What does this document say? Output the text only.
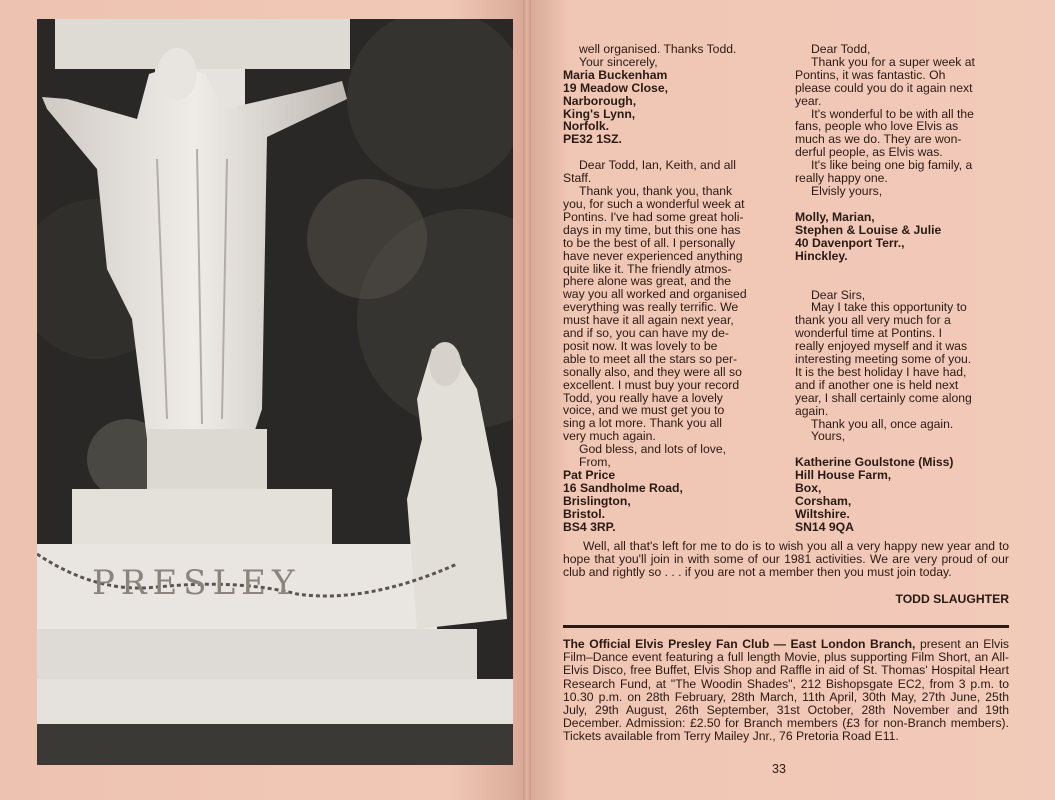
PRESLEY

well organised. Thanks Todd.

Your sincerely,

Maria Buckenham

19 Meadow Close,

Narborough,

King's Lynn,

Norfolk.

PE32 1SZ.

Dear Todd, Ian, Keith, and all

Staff.

Thank you, thank you, thank

you, for such a wonderful week at

Pontins. I've had some great holi-

days in my time, but this one has

to be the best of all. I personally

have never experienced anything

quite like it. The friendly atmos-

phere alone was great, and the

way you all worked and organised

everything was really terrific. We

must have it all again next year,

and if so, you can have my de-

posit now. It was lovely to be

able to meet all the stars so per-

sonally also, and they were all so

excellent. I must buy your record

Todd, you really have a lovely

voice, and we must get you to

sing a lot more. Thank you all

very much again.

God bless, and lots of love,

From,

Pat Price

16 Sandholme Road,

Brislington,

Bristol.

BS4 3RP.

Dear Todd,

Thank you for a super week at

Pontins, it was fantastic. Oh

please could you do it again next

year.

It's wonderful to be with all the

fans, people who love Elvis as

much as we do. They are won-

derful people, as Elvis was.

It's like being one big family, a

really happy one.

Elvisly yours,

Molly, Marian,

Stephen & Louise & Julie

40 Davenport Terr.,

Hinckley.

Dear Sirs,

May I take this opportunity to

thank you all very much for a

wonderful time at Pontins. I

really enjoyed myself and it was

interesting meeting some of you.

It is the best holiday I have had,

and if another one is held next

year, I shall certainly come along

again.

Thank you all, once again.

Yours,

Katherine Goulstone (Miss)

Hill House Farm,

Box,

Corsham,

Wiltshire.

SN14 9QA

Well, all that's left for me to do is to wish you all a very happy new year and to hope that you'll join in with some of our 1981 activities. We are very proud of our club and rightly so . . . if you are not a member then you must join today.
TODD SLAUGHTER
The Official Elvis Presley Fan Club — East London Branch, present an Elvis Film–Dance event featuring a full length Movie, plus supporting Film Short, an All-Elvis Disco, free Buffet, Elvis Shop and Raffle in aid of St. Thomas' Hospital Heart Research Fund, at "The Woodin Shades", 212 Bishopsgate EC2, from 3 p.m. to 10.30 p.m. on 28th February, 28th March, 11th April, 30th May, 27th June, 25th July, 29th August, 26th September, 31st October, 28th November and 19th December. Admission: £2.50 for Branch members (£3 for non-Branch members). Tickets available from Terry Mailey Jnr., 76 Pretoria Road E11.
33
